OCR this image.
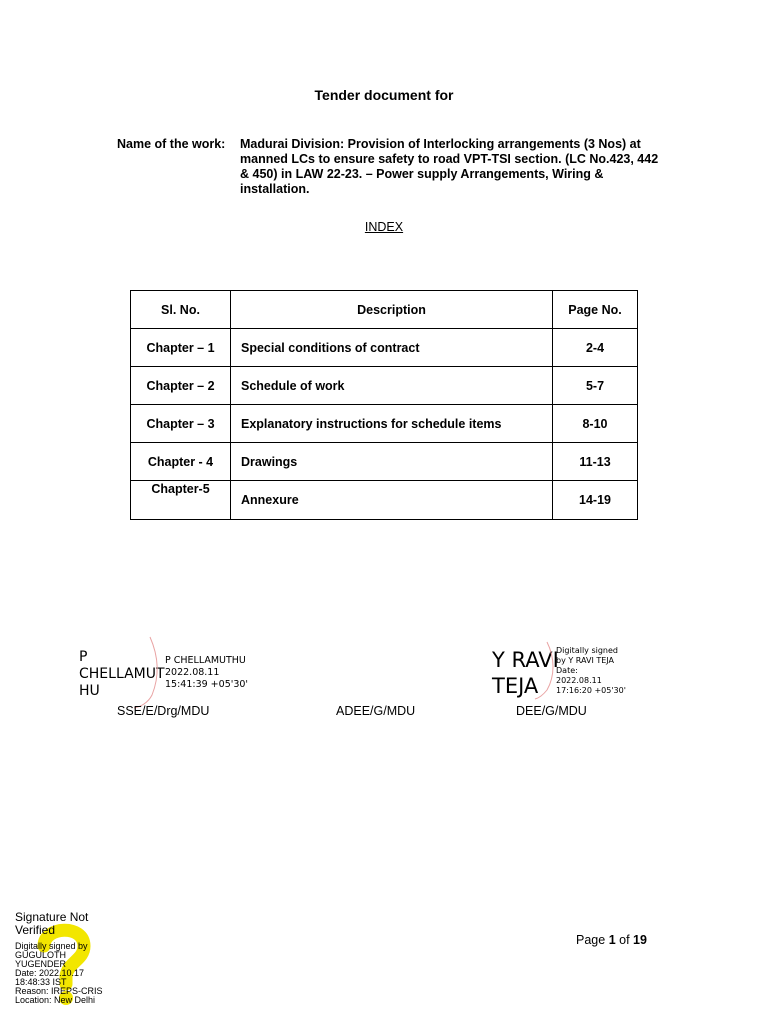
Tender document for
Name of the work: Madurai Division: Provision of Interlocking arrangements (3 Nos) at manned LCs to ensure safety to road VPT-TSI section. (LC No.423, 442 & 450) in LAW 22-23. – Power supply Arrangements, Wiring & installation.
INDEX
Sl. No.	Description	Page No.
Chapter – 1	Special conditions of contract	2-4
Chapter – 2	Schedule of work	5-7
Chapter – 3	Explanatory instructions for schedule items	8-10
Chapter - 4	Drawings	11-13
Chapter-5	Annexure	14-19
P
CHELLAMUT
HU
P CHELLAMUTHU
2022.08.11
15:41:39 +05'30'
SSE/E/Drg/MDU	ADEE/G/MDU
Y RAVI
TEJA
Digitally signed
by Y RAVI TEJA
Date:
2022.08.11
17:16:20 +05'30'
DEE/G/MDU
Signature Not
Verified
Digitally signed by
GUGULOTH
YUGENDER
Date: 2022.10.17
18:48:33 IST
Reason: IREPS-CRIS
Location: New Delhi
Page 1 of 19
